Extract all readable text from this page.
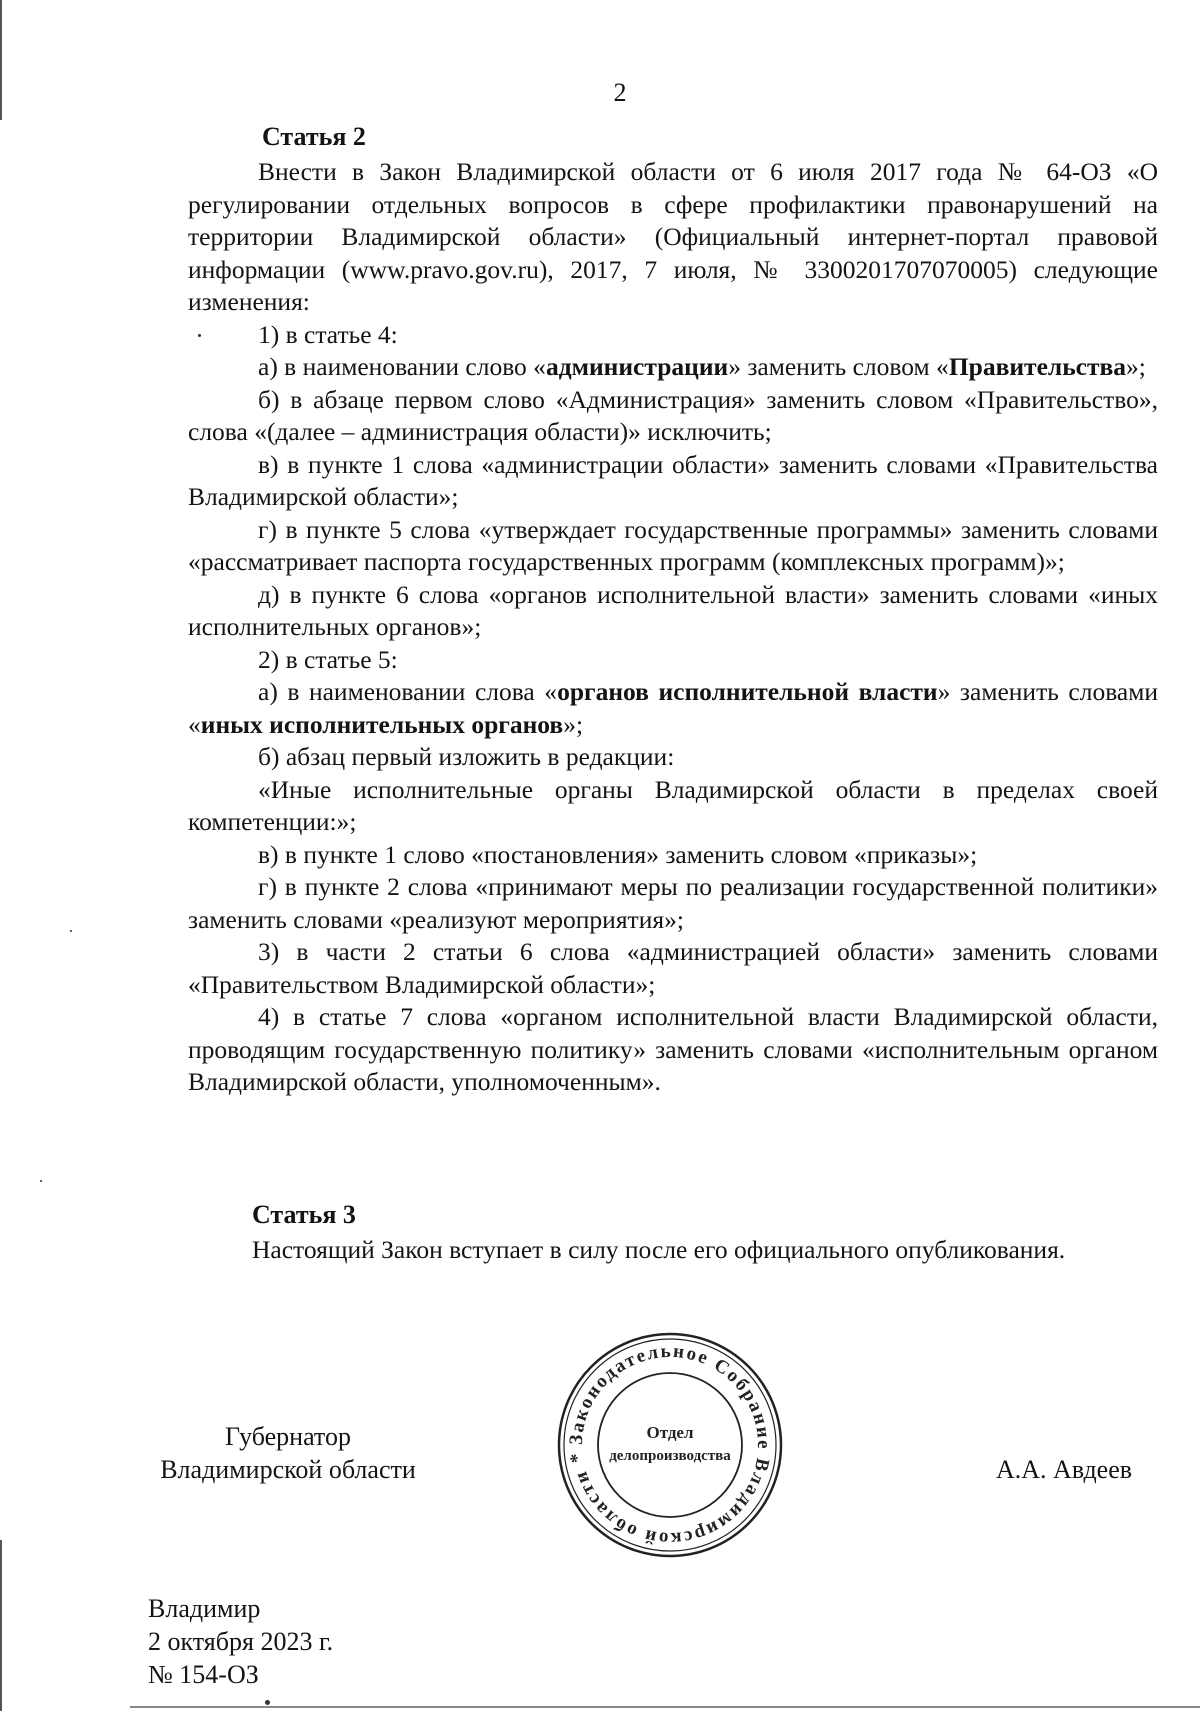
2
Статья 2

Внести в Закон Владимирской области от 6 июля 2017 года № 64-ОЗ «О регулировании отдельных вопросов в сфере профилактики правонарушений на территории Владимирской области» (Официальный интернет-портал правовой информации (www.pravo.gov.ru), 2017, 7 июля, № 3300201707070005) следующие изменения:

1) в статье 4:

а) в наименовании слово «администрации» заменить словом «Правительства»;

б) в абзаце первом слово «Администрация» заменить словом «Правительство», слова «(далее – администрация области)» исключить;

в) в пункте 1 слова «администрации области» заменить словами «Правительства Владимирской области»;

г) в пункте 5 слова «утверждает государственные программы» заменить словами «рассматривает паспорта государственных программ (комплексных программ)»;

д) в пункте 6 слова «органов исполнительной власти» заменить словами «иных исполнительных органов»;

2) в статье 5:

а) в наименовании слова «органов исполнительной власти» заменить словами «иных исполнительных органов»;

б) абзац первый изложить в редакции:

«Иные исполнительные органы Владимирской области в пределах своей компетенции:»;

в) в пункте 1 слово «постановления» заменить словом «приказы»;

г) в пункте 2 слова «принимают меры по реализации государственной политики» заменить словами «реализуют мероприятия»;

3) в части 2 статьи 6 слова «администрацией области» заменить словами «Правительством Владимирской области»;

4) в статье 7 слова «органом исполнительной власти Владимирской области, проводящим государственную политику» заменить словами «исполнительным органом Владимирской области, уполномоченным».

Статья 3

Настоящий Закон вступает в силу после его официального опубликования.

Губернатор
Владимирской области	А.А. Авдеев
Законодательное Собрание Владимирской области *
Отдел
делопроизводства
Владимир
2 октября 2023 г.
№ 154-ОЗ
